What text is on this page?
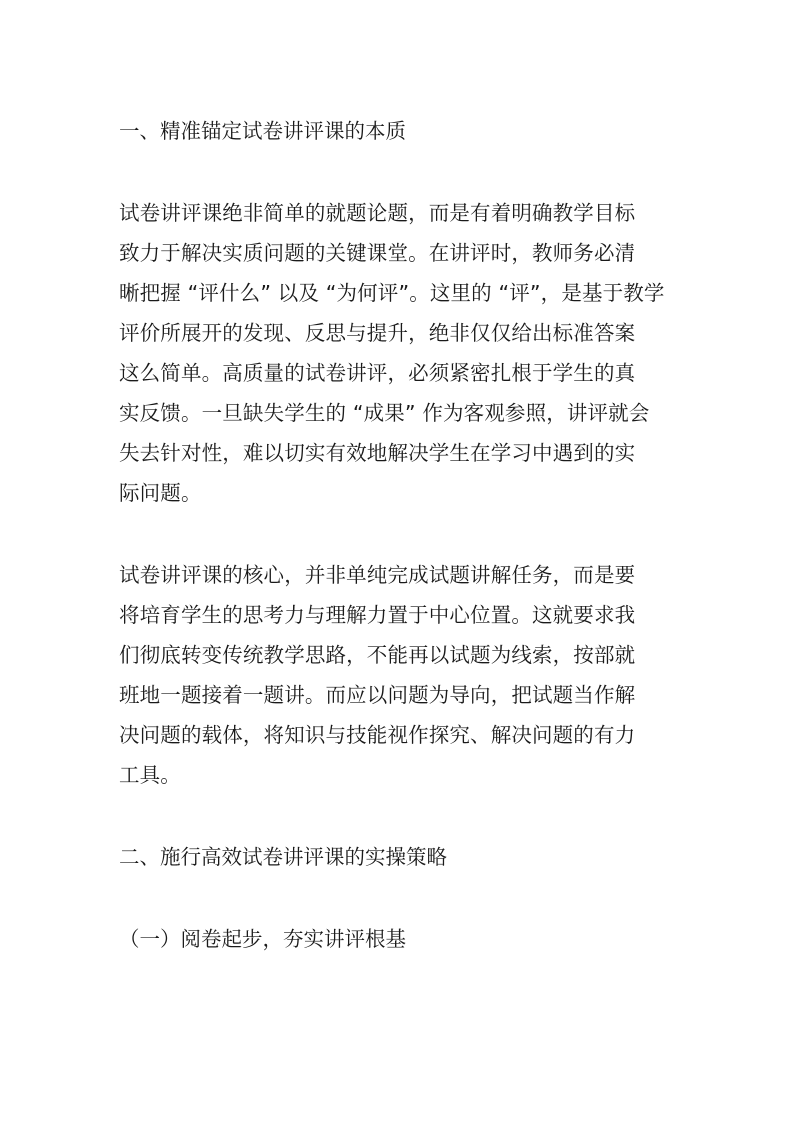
一、精准锚定试卷讲评课的本质
试卷讲评课绝非简单的就题论题，而是有着明确教学目标
致力于解决实质问题的关键课堂。在讲评时，教师务必清
晰把握 “评什么” 以及 “为何评”。这里的 “评”，是基于教学
评价所展开的发现、反思与提升，绝非仅仅给出标准答案
这么简单。高质量的试卷讲评，必须紧密扎根于学生的真
实反馈。一旦缺失学生的 “成果” 作为客观参照，讲评就会
失去针对性，难以切实有效地解决学生在学习中遇到的实
际问题。
试卷讲评课的核心，并非单纯完成试题讲解任务，而是要
将培育学生的思考力与理解力置于中心位置。这就要求我
们彻底转变传统教学思路，不能再以试题为线索，按部就
班地一题接着一题讲。而应以问题为导向，把试题当作解
决问题的载体，将知识与技能视作探究、解决问题的有力
工具。
二、施行高效试卷讲评课的实操策略
（一）阅卷起步，夯实讲评根基
